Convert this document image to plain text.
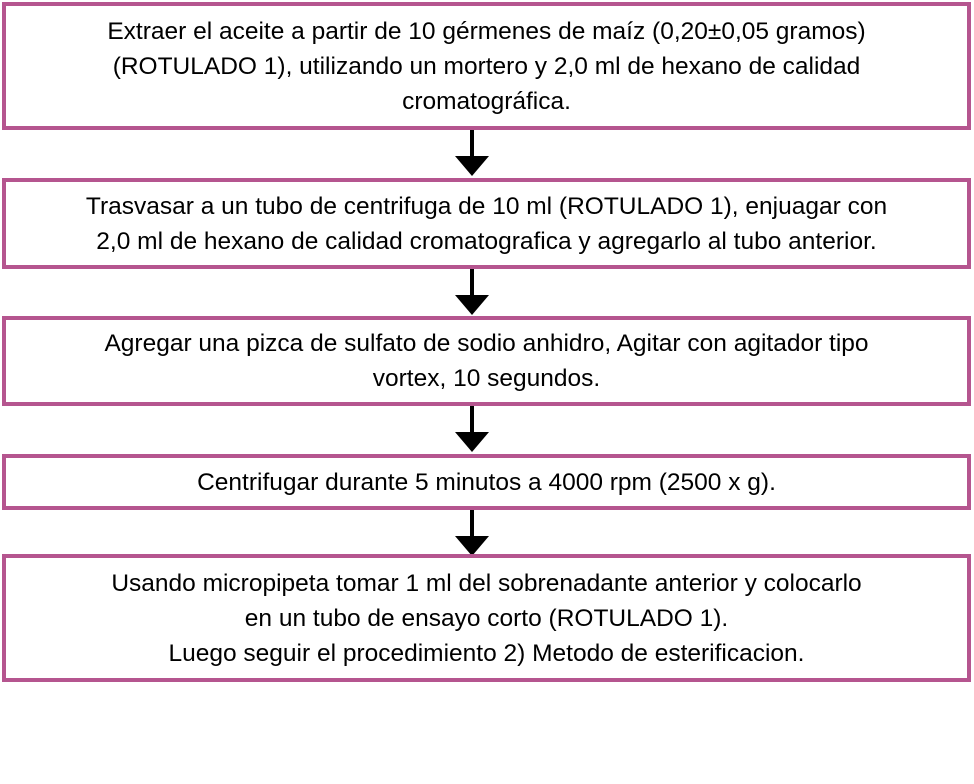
Extraer el aceite a partir de 10 gérmenes de maíz (0,20±0,05 gramos)
(ROTULADO 1), utilizando un mortero y 2,0 ml de hexano de calidad
cromatográfica.
Trasvasar a un tubo de centrifuga de 10 ml (ROTULADO 1), enjuagar con
2,0 ml de hexano de calidad cromatografica y agregarlo al tubo anterior.
Agregar una pizca de sulfato de sodio anhidro, Agitar con agitador tipo
vortex, 10 segundos.
Centrifugar durante 5 minutos a 4000 rpm (2500 x g).
Usando micropipeta tomar 1 ml del sobrenadante anterior y colocarlo
en un tubo de ensayo corto (ROTULADO 1).
Luego seguir el procedimiento 2) Metodo de esterificacion.
